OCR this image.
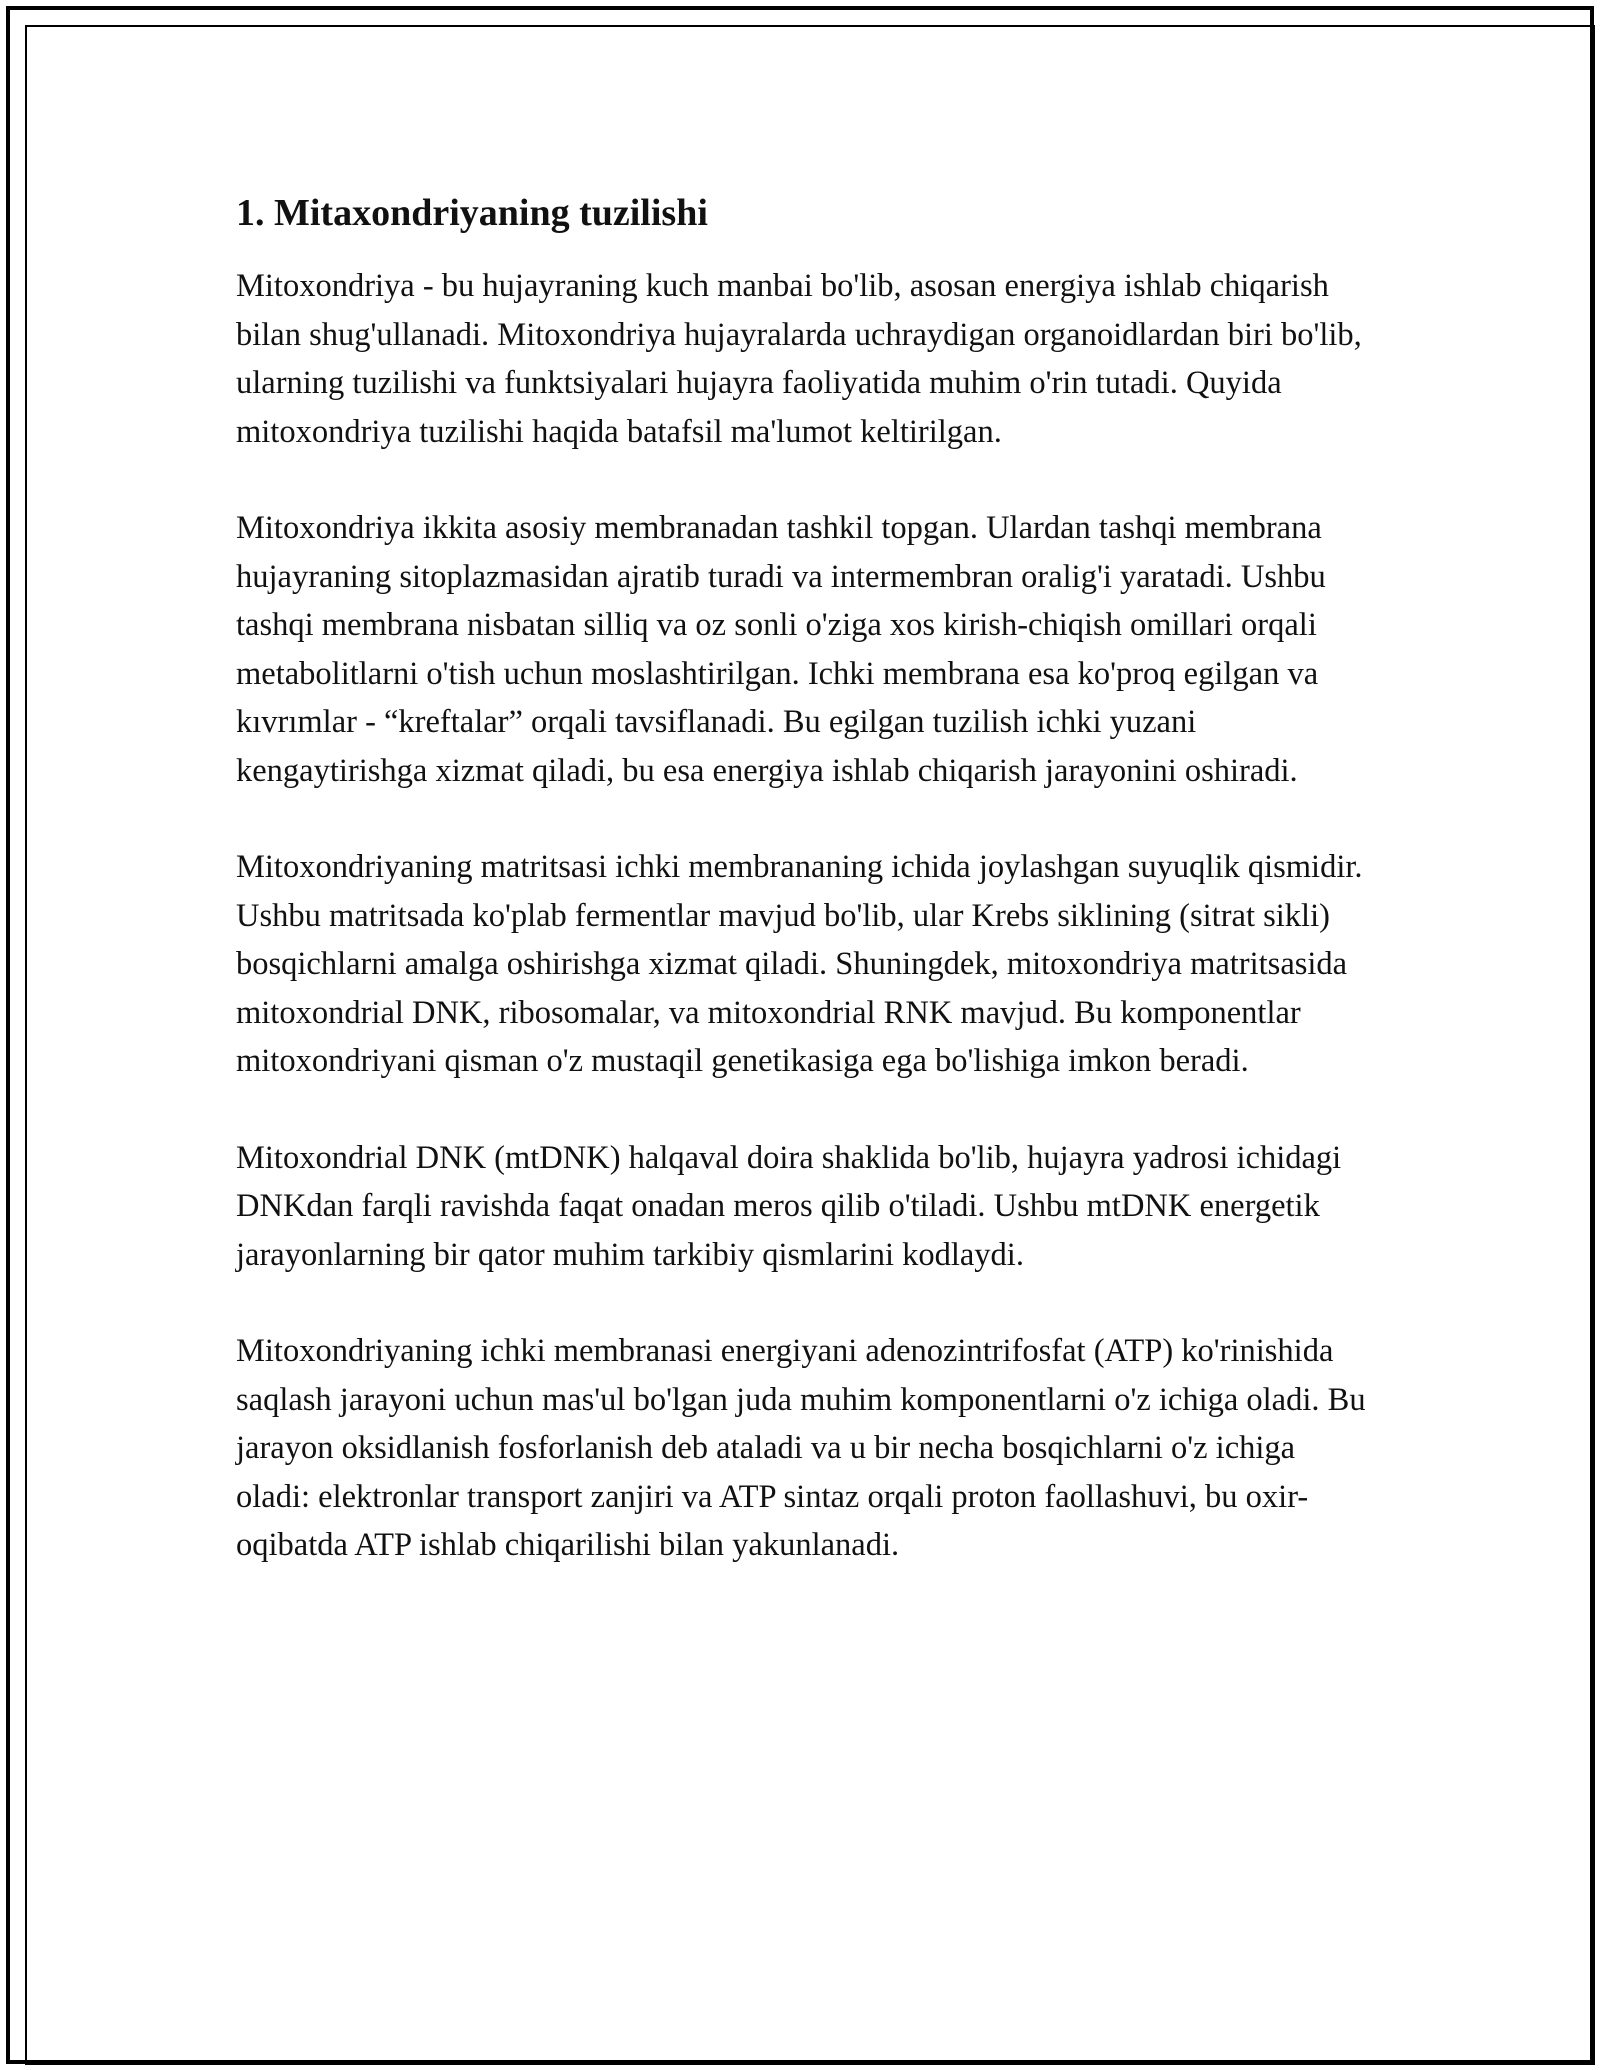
1. Mitaxondriyaning tuzilishi

Mitoxondriya - bu hujayraning kuch manbai bo'lib, asosan energiya ishlab chiqarish bilan shug'ullanadi. Mitoxondriya hujayralarda uchraydigan organoidlardan biri bo'lib, ularning tuzilishi va funktsiyalari hujayra faoliyatida muhim o'rin tutadi. Quyida mitoxondriya tuzilishi haqida batafsil ma'lumot keltirilgan.

Mitoxondriya ikkita asosiy membranadan tashkil topgan. Ulardan tashqi membrana hujayraning sitoplazmasidan ajratib turadi va intermembran oralig'i yaratadi. Ushbu tashqi membrana nisbatan silliq va oz sonli o'ziga xos kirish-chiqish omillari orqali metabolitlarni o'tish uchun moslashtirilgan. Ichki membrana esa ko'proq egilgan va kıvrımlar - “kreftalar” orqali tavsiflanadi. Bu egilgan tuzilish ichki yuzani kengaytirishga xizmat qiladi, bu esa energiya ishlab chiqarish jarayonini oshiradi.

Mitoxondriyaning matritsasi ichki membrananing ichida joylashgan suyuqlik qismidir. Ushbu matritsada ko'plab fermentlar mavjud bo'lib, ular Krebs siklining (sitrat sikli) bosqichlarni amalga oshirishga xizmat qiladi. Shuningdek, mitoxondriya matritsasida mitoxondrial DNK, ribosomalar, va mitoxondrial RNK mavjud. Bu komponentlar mitoxondriyani qisman o'z mustaqil genetikasiga ega bo'lishiga imkon beradi.

Mitoxondrial DNK (mtDNK) halqaval doira shaklida bo'lib, hujayra yadrosi ichidagi DNKdan farqli ravishda faqat onadan meros qilib o'tiladi. Ushbu mtDNK energetik jarayonlarning bir qator muhim tarkibiy qismlarini kodlaydi.

Mitoxondriyaning ichki membranasi energiyani adenozintrifosfat (ATP) ko'rinishida saqlash jarayoni uchun mas'ul bo'lgan juda muhim komponentlarni o'z ichiga oladi. Bu jarayon oksidlanish fosforlanish deb ataladi va u bir necha bosqichlarni o'z ichiga oladi: elektronlar transport zanjiri va ATP sintaz orqali proton faollashuvi, bu oxir-oqibatda ATP ishlab chiqarilishi bilan yakunlanadi.
